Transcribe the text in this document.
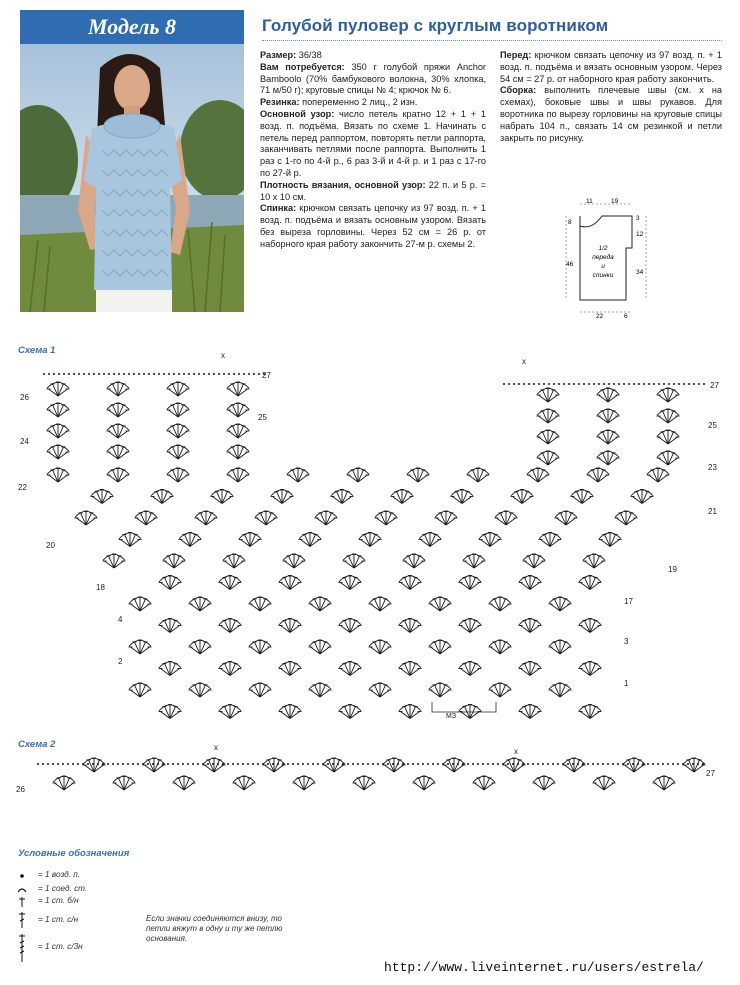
Модель 8	Голубой пуловер с круглым воротником

Размер: 36/38

Вам потребуется: 350 г голубой пряжи Anchor Bamboolo (70% бамбукового волокна, 30% хлопка, 71 м/50 г); круговые спицы № 4; крючок № 6.

Резинка: попеременно 2 лиц., 2 изн.

Основной узор: число петель кратно 12 + 1 + 1 возд. п. подъёма. Вязать по схеме 1. Начинать с петель перед раппортом, повторять петли раппорта, заканчивать петлями после раппорта. Выполнить 1 раз с 1-го по 4-й р., 6 раз 3-й и 4-й р. и 1 раз с 17-го по 27-й р.

Плотность вязания, основной узор: 22 п. и 5 р. = 10 х 10 см.

Спинка: крючком связать цепочку из 97 возд. п. + 1 возд. п. подъёма и вязать основным узором. Вязать без выреза горловины. Через 52 см = 26 р. от наборного края работу закончить 27-м р. схемы 2.

Перед: крючком связать цепочку из 97 возд. п. + 1 возд. п. подъёма и вязать основным узором. Через 54 см = 27 р. от наборного края работу закончить.

Сборка: выполнить плечевые швы (см. х на схемах), боковые швы и швы рукавов. Для воротника по вырезу горловины на круговые спицы набрать 104 п., связать 14 см резинкой и петли закрыть по рисунку.

11	19
8
46
3
12
34
22	6
1/2
переда
и
спинки
Схема 1
26
24
22
20
18
4
2
27
25
27
25
23
21
19
17
3
1
x
x
МЗ
Схема 2
26
27
x	x
Условные обозначения
= 1 возд. п.
= 1 соед. ст.
= 1 ст. б/н
= 1 ст. с/н
= 1 ст. с/3н
Если значки соединяются внизу, то петли вяжут в одну и ту же петлю основания.
http://www.liveinternet.ru/users/estrela/
